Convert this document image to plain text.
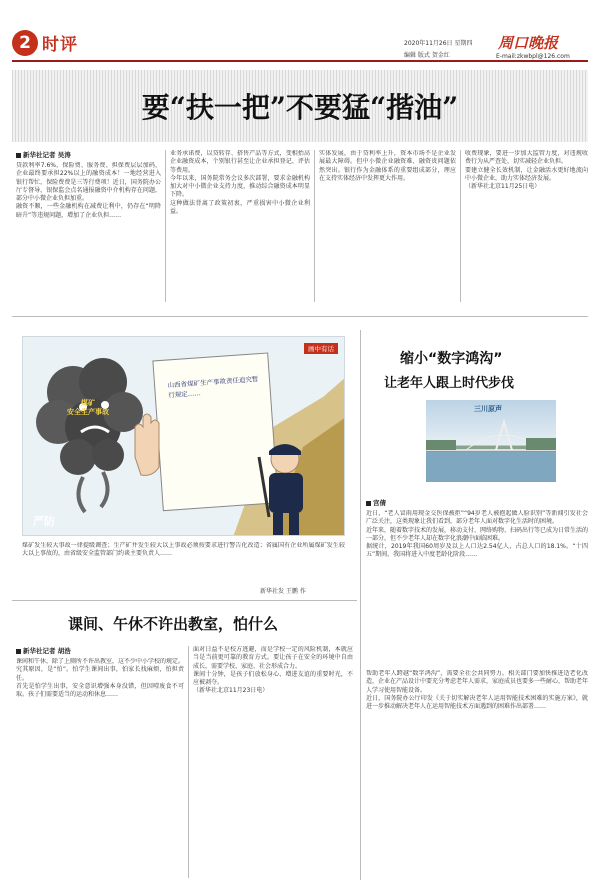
2 时评	2020年11月26日 星期四
编辑 版式 贺金红
周口晚报
E-mail:zkwbpl@126.com
要“扶一把”不要猛“揩油”
新华社记者 吴涛
贷款利率7.6%，保险费、服务费、担保费层层加码，企业最终要承担22%以上的融资成本！一地经营进入银行帮忙，保险费费是三等行费项！近日，国务院办公厅专督导，银保监会点名通报融资中介机构存在问题，部分中小微企业负担加重。
融资不顺，一些金融机构在减费让利中，仍存在“明降暗升”等违规问题，增加了企业负担……
业务承诺费，以贷转存、搭售产品等方式，变相抬高企业融资成本，个别银行甚至让企业承担登记、评估等费用。
今年以来，国务院常务会议多次部署，要求金融机构加大对中小微企业支持力度，推动综合融资成本明显下降。
这种做法背离了政策初衷，严重损害中小微企业利益。
实体发展，由于贷利率上升，资本市场不是企业发展最大障碍。但中小微企业融资难、融资贵问题依然突出。银行作为金融体系的重要组成部分，理应在支持实体经济中发挥更大作用。
收费现象，要进一步加大监管力度，对违规收费行为从严查处，切实减轻企业负担。
要建立健全长效机制，让金融活水更好地流向中小微企业，助力实体经济发展。
（新华社北京11月25日电）
煤矿
安全生产事故
山西省煤矿生产事故责任追究暂行规定……
画中有话
严防
煤矿发生较大事故一律提级调查；生产矿井发生较大以上事故必须按要求进行警告化改造；省属国有企业所属煤矿发生较大以上事故的，由省级安全监管部门约谈主要负责人……
新华社发 王鹏 作
课间、午休不许出教室，怕什么
新华社记者 胡浩
课间和午休，除了上厕所不许出教室，这不少中小学校的规定。究其原因，是“怕”。怕学生课间出事，怕家长找麻烦，怕担责任。
首先是怕学生出事，安全意识增强本身没错，但因噎废食不可取。孩子们需要适当的运动和休息……
面对日益不是校方逃避，而是学校一定的风险机制，本就应当是当前更可靠的教育方式。要让孩子在安全的环境中自由成长，需要学校、家庭、社会形成合力。
课间十分钟，是孩子们放松身心、增进友谊的重要时光，不应被剥夺。
（新华社北京11月23日电）
缩小“数字鸿沟”
让老年人跟上时代步伐
三川原声
宫倩
近日，“老人冒雨用现金交医保被拒”“94岁老人被抱起做人脸识别”等新闻引发社会广泛关注，这类现象让我们看到，部分老年人面对数字化生活时的困境。
近年来，随着数字技术的发展，移动支付、网络购物、扫码出行等已成为日常生活的一部分，但不少老年人却在数字化浪潮中面临困难。
据统计，2019年我国60周岁及以上人口达2.54亿人，占总人口的18.1%。“十四五”期间，我国将进入中度老龄化阶段……
帮助老年人跨越“数字鸿沟”，需要全社会共同努力。相关部门要加快推进适老化改造，企业在产品设计中要充分考虑老年人需求，家庭成员也要多一些耐心，帮助老年人学习使用智能设备。
近日，国务院办公厅印发《关于切实解决老年人运用智能技术困难的实施方案》，就进一步推动解决老年人在运用智能技术方面遇到的困难作出部署……
